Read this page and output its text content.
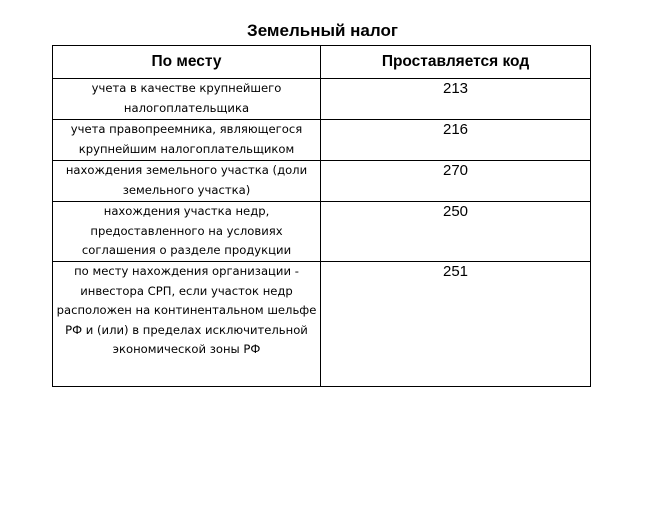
Земельный налог
По месту	Проставляется код
учета в качестве крупнейшего налогоплательщика	213
учета правопреемника, являющегося крупнейшим налогоплательщиком	216
нахождения земельного участка (доли земельного участка)	270
нахождения участка недр, предоставленного на условиях соглашения о разделе продукции	250
по месту нахождения организации - инвестора СРП, если участок недр расположен на континентальном шельфе РФ и (или) в пределах исключительной экономической зоны РФ	251
